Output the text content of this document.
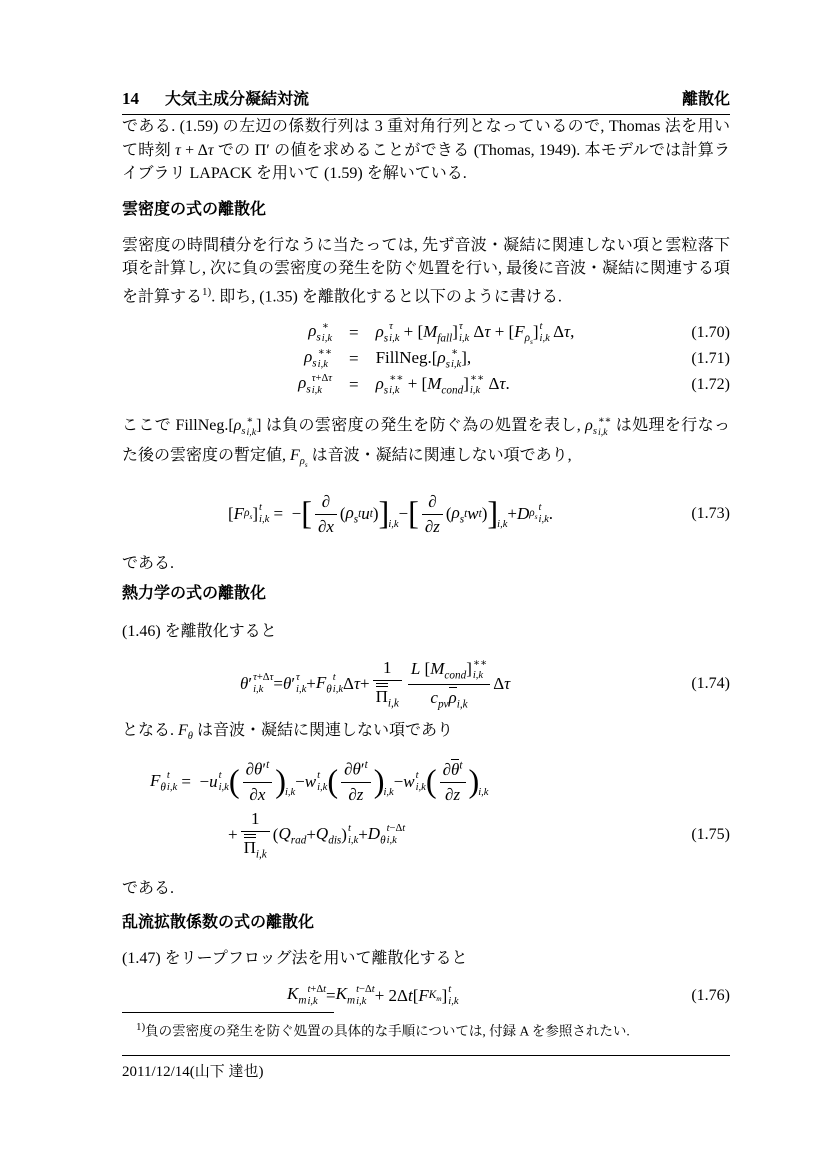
14 大気主成分凝結対流	離散化

である. (1.59) の左辺の係数行列は 3 重対角行列となっているので, Thomas 法を用いて時刻 τ + Δτ での Π′ の値を求めることができる (Thomas, 1949). 本モデルでは計算ライブラリ LAPACK を用いて (1.59) を解いている.

雲密度の式の離散化

雲密度の時間積分を行なうに当たっては, 先ず音波・凝結に関連しない項と雲粒落下項を計算し, 次に負の雲密度の発生を防ぐ処置を行い, 最後に音波・凝結に関連する項を計算する$^{1)}$. 即ち, (1.35) を離散化すると以下のように書ける.

$\rho_s$
∗
i,k	=	$\rho_s$
τ
$i,k + [M_{fall}]$ τ
i,k $\Delta\tau + [F_{\rho_s}]$ t
i,k Δτ,	(1.70)
$\rho_s$
∗∗
i,k	=	$FillNeg.[\rho_s$
∗
i,k ],	(1.71)
$\rho_s$
τ+Δτ
i,k	=	$\rho_s$
∗∗
$i,k + [M_{cond}]$ ∗∗
i,k Δτ.	(1.72)

ここで $FillNeg.[\rho_s$
∗
i,k ] は負の雲密度の発生を防ぐ為の処置を表し, $\rho_s$
∗∗
i,k は処理を行なった後の雲密度の暫定値, $F_{\rho_s}$ は音波・凝結に関連しない項であり,

[ F $\rho_s$ ] t
i,k =  − [ $\frac{\partial}{\partial x}$ ( $\rho_s$ t u t ) ] i,k
− [ $\frac{\partial}{\partial z}$ ( $\rho_s$ t w t ) ] i,k
+ D $\rho_s$
t
i,k .	(1.73)

である.

熱力学の式の離散化

(1.46) を離散化すると

θ ′ τ+Δτ
i,k = θ ′ τ
$i,k + F_\theta$
t
i,k Δ $\tau + \frac{1}{\Pi_{i,k}}$ L $[M_{cond}]$ ∗∗
i,k
$c_{pv}\rho_{i,k}$ Δ τ	(1.74)

となる. $F_\theta$ は音波・凝結に関連しない項であり

$F_\theta$
t
i,k =  − u t
i,k ( $\frac{\partial\theta'^t}{\partial x}$ ) i,k
− w t
i,k ( $\frac{\partial\theta'^t}{\partial z}$ ) i,k
− w t
i,k ( $\frac{\partial\theta^t}{\partial z}$ ) i,k
+ $\frac{1}{\Pi_{i,k}}$ ( $Q_{rad} + Q_{dis}$ ) t
$i,k + D_\theta$
t−Δt
i,k	(1.75)

である.

乱流拡散係数の式の離散化

(1.47) をリープフロッグ法を用いて離散化すると

$K_m$
t+Δt
$i,k = K_m$
t−Δt
i,k + 2Δ t [ F $K_m$ ] t
i,k	(1.76)

$^{1)}$負の雲密度の発生を防ぐ処置の具体的な手順については, 付録 A を参照されたい.

2011/12/14(山下 達也)
